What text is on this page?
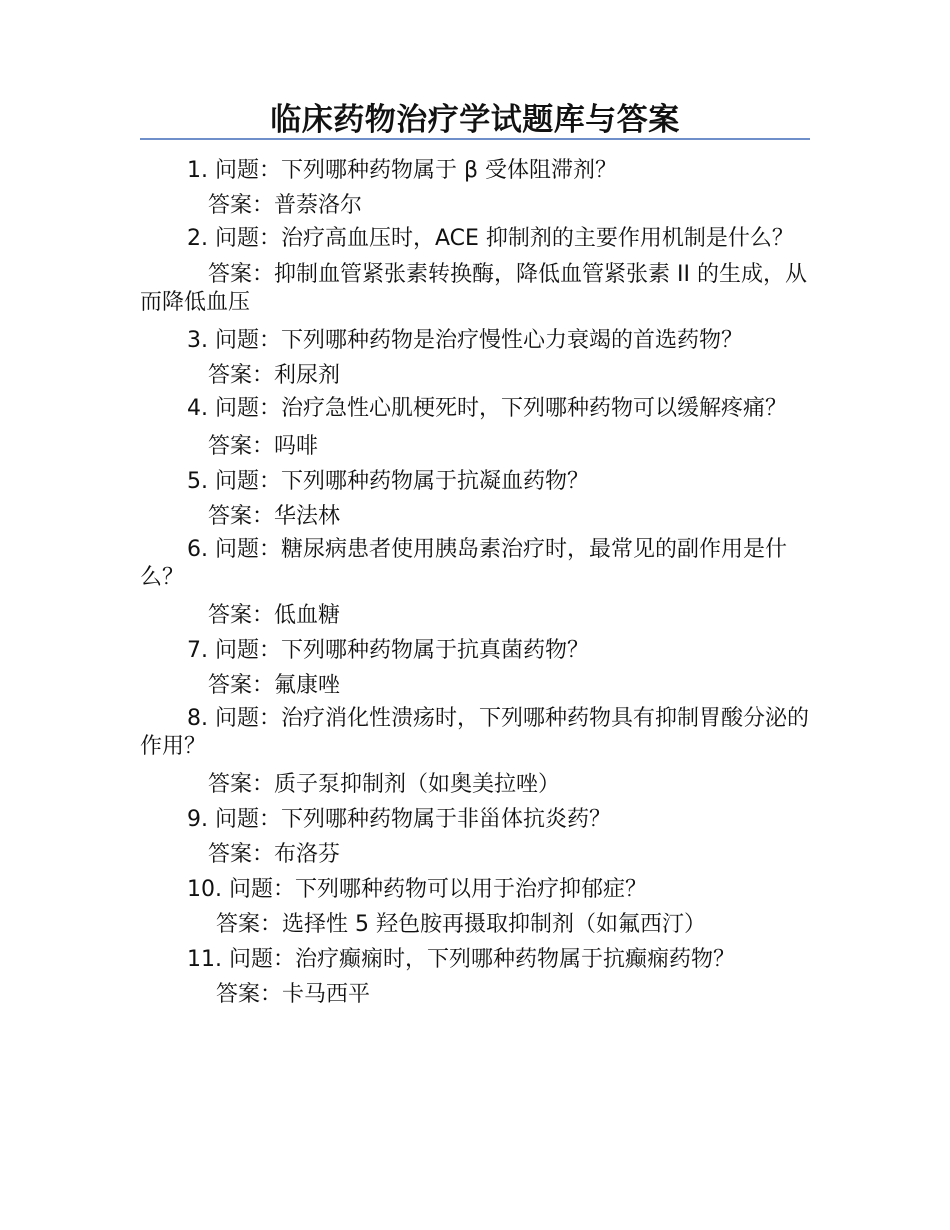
临床药物治疗学试题库与答案

1. 问题：下列哪种药物属于 β 受体阻滞剂？

答案：普萘洛尔

2. 问题：治疗高血压时，ACE 抑制剂的主要作用机制是什么？

答案：抑制血管紧张素转换酶，降低血管紧张素 II 的生成，从而降低血压

3. 问题：下列哪种药物是治疗慢性心力衰竭的首选药物？

答案：利尿剂

4. 问题：治疗急性心肌梗死时，下列哪种药物可以缓解疼痛？

答案：吗啡

5. 问题：下列哪种药物属于抗凝血药物？

答案：华法林

6. 问题：糖尿病患者使用胰岛素治疗时，最常见的副作用是什么？

答案：低血糖

7. 问题：下列哪种药物属于抗真菌药物？

答案：氟康唑

8. 问题：治疗消化性溃疡时，下列哪种药物具有抑制胃酸分泌的作用？

答案：质子泵抑制剂（如奥美拉唑）

9. 问题：下列哪种药物属于非甾体抗炎药？

答案：布洛芬

10. 问题：下列哪种药物可以用于治疗抑郁症？

答案：选择性 5 羟色胺再摄取抑制剂（如氟西汀）

11. 问题：治疗癫痫时，下列哪种药物属于抗癫痫药物？

答案：卡马西平
